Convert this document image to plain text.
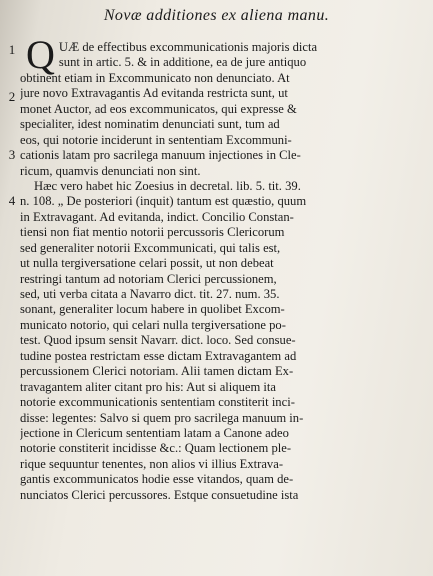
Novæ additiones ex aliena manu.
1
2
3
4
Q UÆ de effectibus excommunicationis majoris dicta
sunt in artic. 5. & in additione, ea de jure antiquo
obtinent etiam in Excommunicato non denunciato. At
jure novo Extravagantis Ad evitanda restricta sunt, ut
monet Auctor, ad eos excommunicatos, qui expresse &
specialiter, idest nominatim denunciati sunt, tum ad
eos, qui notorie inciderunt in sententiam Excommuni-
cationis latam pro sacrilega manuum injectiones in Cle-
ricum, quamvis denunciati non sint.
Hæc vero habet hic Zoesius in decretal. lib. 5. tit. 39.
n. 108. „ De posteriori (inquit) tantum est quæstio, quum
in Extravagant. Ad evitanda, indict. Concilio Constan-
tiensi non fiat mentio notorii percussoris Clericorum
sed generaliter notorii Excommunicati, qui talis est,
ut nulla tergiversatione celari possit, ut non debeat
restringi tantum ad notoriam Clerici percussionem,
sed, uti verba citata a Navarro dict. tit. 27. num. 35.
sonant, generaliter locum habere in quolibet Excom-
municato notorio, qui celari nulla tergiversatione po-
test. Quod ipsum sensit Navarr. dict. loco. Sed consue-
tudine postea restrictam esse dictam Extravagantem ad
percussionem Clerici notoriam. Alii tamen dictam Ex-
travagantem aliter citant pro his: Aut si aliquem ita
notorie excommunicationis sententiam constiterit inci-
disse: legentes: Salvo si quem pro sacrilega manuum in-
jectione in Clericum sententiam latam a Canone adeo
notorie constiterit incidisse &c.: Quam lectionem ple-
rique sequuntur tenentes, non alios vi illius Extrava-
gantis excommunicatos hodie esse vitandos, quam de-
nunciatos Clerici percussores. Estque consuetudine ista
